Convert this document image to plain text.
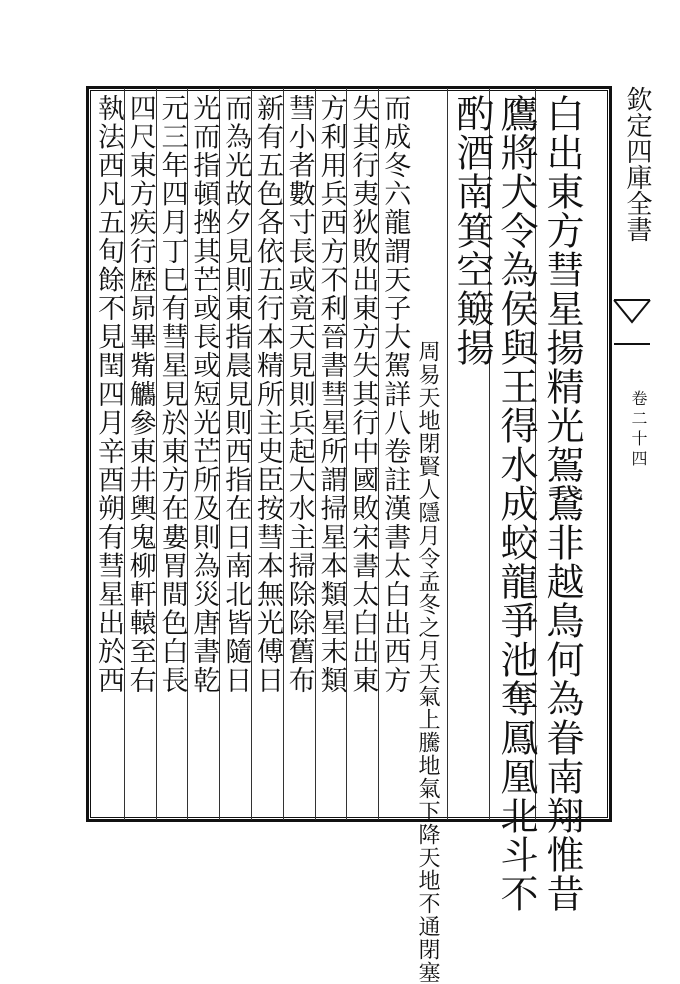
欽定四庫全書
卷二十四
白出東方彗星揚精光鴐鵞非越鳥何為眷南翔惟昔
鷹將犬令為侯與王得水成蛟龍爭池奪鳳凰北斗不
酌酒南箕空簸揚
周易天地閉賢人隱月令孟冬之月天氣上騰地氣下降天地不通閉塞
而成冬六龍謂天子大駕詳八卷註漢書太白出西方
失其行夷狄敗出東方失其行中國敗宋書太白出東
方利用兵西方不利晉書彗星所謂掃星本類星末類
彗小者數寸長或竟天見則兵起大水主掃除除舊布
新有五色各依五行本精所主史臣按彗本無光傅日
而為光故夕見則東指晨見則西指在日南北皆隨日
光而指頓挫其芒或長或短光芒所及則為災唐書乾
元三年四月丁巳有彗星見於東方在婁胃間色白長
四尺東方疾行歴昴畢觜觿參東井輿鬼柳軒轅至右
執法西凡五旬餘不見閏四月辛酉朔有彗星出於西
